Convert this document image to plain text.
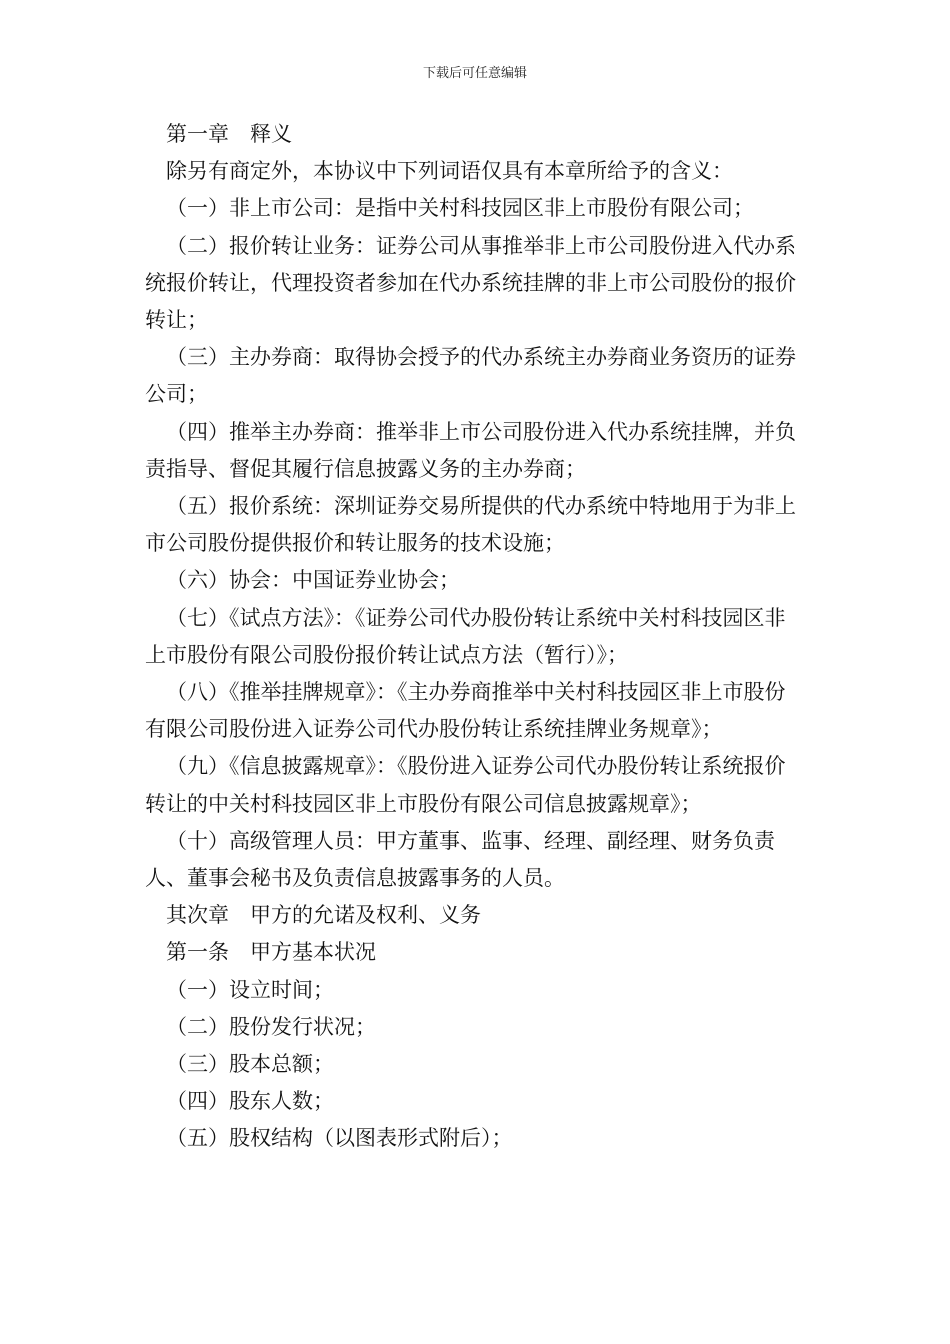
下载后可任意编辑

第一章　释义

除另有商定外，本协议中下列词语仅具有本章所给予的含义：

（一）非上市公司：是指中关村科技园区非上市股份有限公司；

（二）报价转让业务：证券公司从事推举非上市公司股份进入代办系统报价转让，代理投资者参加在代办系统挂牌的非上市公司股份的报价转让；

（三）主办券商：取得协会授予的代办系统主办券商业务资历的证券公司；

（四）推举主办券商：推举非上市公司股份进入代办系统挂牌，并负责指导、督促其履行信息披露义务的主办券商；

（五）报价系统：深圳证券交易所提供的代办系统中特地用于为非上市公司股份提供报价和转让服务的技术设施；

（六）协会：中国证券业协会；

（七）《试点方法》：《证券公司代办股份转让系统中关村科技园区非上市股份有限公司股份报价转让试点方法（暂行）》；

（八）《推举挂牌规章》：《主办券商推举中关村科技园区非上市股份有限公司股份进入证券公司代办股份转让系统挂牌业务规章》；

（九）《信息披露规章》：《股份进入证券公司代办股份转让系统报价转让的中关村科技园区非上市股份有限公司信息披露规章》；

（十）高级管理人员：甲方董事、监事、经理、副经理、财务负责人、董事会秘书及负责信息披露事务的人员。

其次章　甲方的允诺及权利、义务

第一条　甲方基本状况

（一）设立时间；

（二）股份发行状况；

（三）股本总额；

（四）股东人数；

（五）股权结构（以图表形式附后）；
